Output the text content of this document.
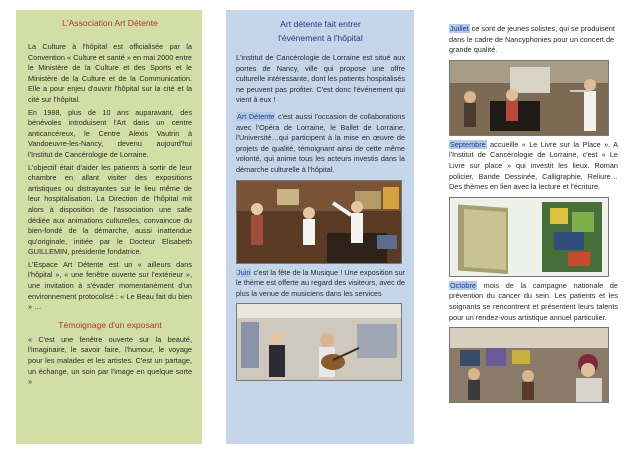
L'Association Art Détente

La Culture à l'hôpital est officialisée par la Convention « Culture et santé » en mai 2000 entre le Ministère de la Culture et des Sports et le Ministère de la Culture et de la Communication. Elle a pour enjeu d'ouvrir l'hôpital sur la cité et la cité sur l'hôpital.

En 1988, plus de 10 ans auparavant, des bénévoles introduisent l'Art dans un centre anticancéreux, le Centre Alexis Vautrin à Vandoeuvre-les-Nancy, devenu aujourd'hui l'Institut de Cancérologie de Lorraine.

L'objectif était d'aider les patients à sortir de leur chambre en allant visiter des expositions artistiques ou distrayantes sur le lieu même de leur hospitalisation. La Direction de l'hôpital mit alors à disposition de l'association une salle dédiée aux animations culturelles, convaincue du bien-fondé de la démarche, aussi inattendue qu'originale, initiée par le Docteur Elisabeth GUILLEMIN, présidente fondatrice.

L'Espace Art Détente est un « ailleurs dans l'hôpital », « une fenêtre ouverte sur l'extérieur », une invitation à s'évader momentanément d'un environnement protocolisé : « Le Beau fait du bien » …

Témoignage d'un exposant

« C'est une fenêtre ouverte sur la beauté, l'imaginaire, le savoir faire, l'humour, le voyage pour les malades et les artistes. C'est un partage, un échange, un soin par l'image en quelque sorte »

Art détente fait entrer
l'événement à l'hôpital

L'institut de Cancérologie de Lorraine est situé aux portes de Nancy, ville qui propose une offre culturelle intéressante, dont les patients hospitalisés ne peuvent pas profiter. C'est donc l'événement qui vient à eux !

Art Détente c'est aussi l'occasion de collaborations avec l'Opéra de Lorraine, le Ballet de Lorraine, l'Université…qui participent à la mise en œuvre de projets de qualité, témoignant ainsi de cette même volonté, qui anime tous les acteurs investis dans la démarche culturelle à l'hôpital.

Juin c'est la fête de la Musique ! Une exposition sur le thème est offerte au regard des visiteurs, avec de plus la venue de musiciens dans les services

Juillet ce sont de jeunes solistes, qui se produisent dans le cadre de Nancyphonies pour un concert de grande qualité.

Septembre accueille « Le Livre sur la Place ». A l'Institut de Cancérologie de Lorraine, c'est « Le Livre sur place » qui investit les lieux. Roman policier, Bande Dessinée, Calligraphie, Reliure…Des thèmes en lien avec la lecture et l'écriture.

Octobre mois de la campagne nationale de prévention du cancer du sein. Les patients et les soignants se rencontrent et présentent leurs talents pour un rendez-vous artistique annuel particulier.
